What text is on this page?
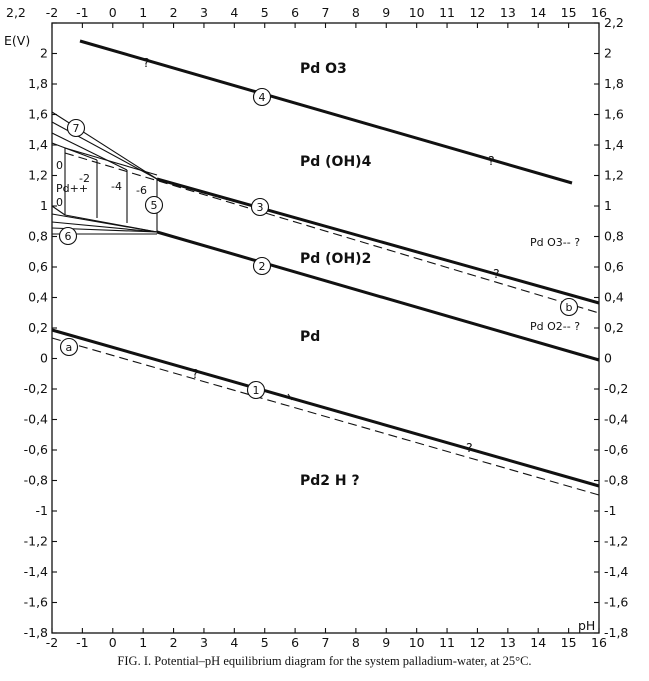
-2 -1 0 1 2 3 4 5 6 7 8 9 10 11 12 13 14 15 16
-2 -1 0 1 2 3 4 5 6 7 8 9 10 11 12 13 14 15 16
2,2
2
1,8
1,6
1,4
1,2
1
0,8
0,6
0,4
0,2
0
-0,2
-0,4
-0,6
-0,8
-1
-1,2
-1,4
-1,6
-1,8
2,2
2
1,8
1,6
1,4
1,2
1
0,8
0,6
0,4
0,2
0
-0,2
-0,4
-0,6
-0,8
-1
-1,2
-1,4
-1,6
-1,8
E(V)
pH
Pd O3
Pd (OH)4
Pd (OH)2
Pd
Pd2 H ?
Pd++
Pd O3-- ?
Pd O2-- ?
0
0
-2
-4 -6
?
?
?
?
?
4
3
2
1
5
6
7
a
b
FIG. I. Potential–pH equilibrium diagram for the system palladium-water, at 25°C.
